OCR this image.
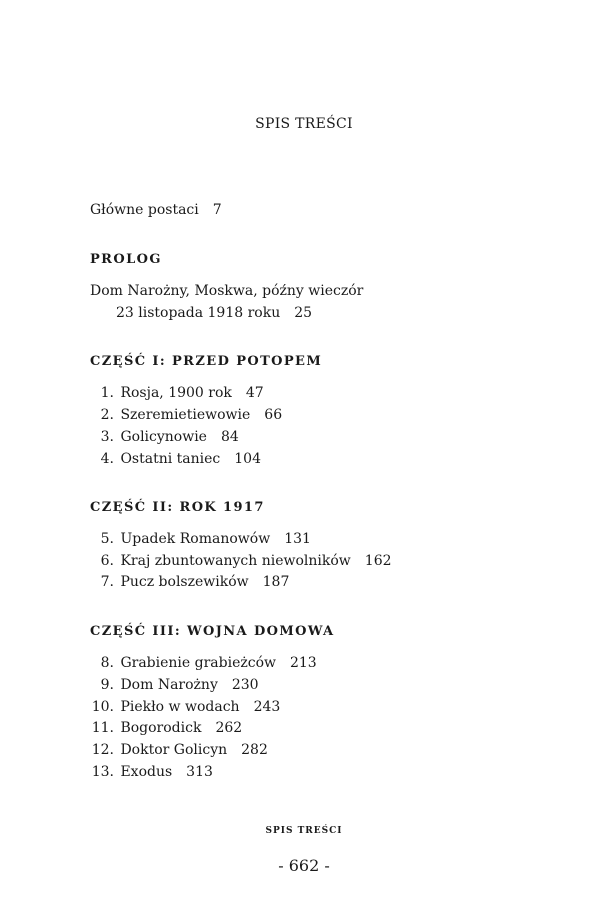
SPIS TREŚCI
Główne postaci 7
PROLOG
Dom Narożny, Moskwa, późny wieczór
23 listopada 1918 roku 25
CZĘŚĆ I: PRZED POTOPEM
1. Rosja, 1900 rok 47
2. Szeremietiewowie 66
3. Golicynowie 84
4. Ostatni taniec 104
CZĘŚĆ II: ROK 1917
5. Upadek Romanowów 131
6. Kraj zbuntowanych niewolników 162
7. Pucz bolszewików 187
CZĘŚĆ III: WOJNA DOMOWA
8. Grabienie grabieżców 213
9. Dom Narożny 230
10. Piekło w wodach 243
11. Bogorodick 262
12. Doktor Golicyn 282
13. Exodus 313
SPIS TREŚCI
- 662 -
